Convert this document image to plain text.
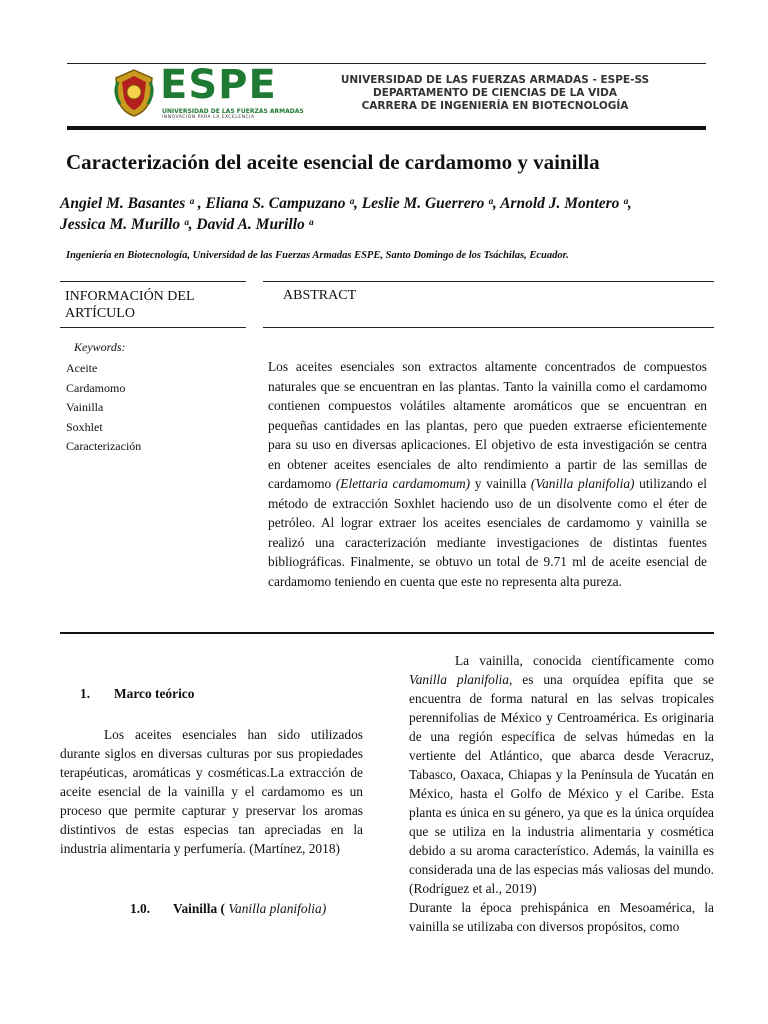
ESPE
UNIVERSIDAD DE LAS FUERZAS ARMADAS
INNOVACIÓN PARA LA EXCELENCIA
UNIVERSIDAD DE LAS FUERZAS ARMADAS - ESPE-SS
DEPARTAMENTO DE CIENCIAS DE LA VIDA
CARRERA DE INGENIERÍA EN BIOTECNOLOGÍA
Caracterización del aceite esencial de cardamomo y vainilla
Angiel M. Basantes ᵃ , Eliana S. Campuzano ᵃ, Leslie M. Guerrero ᵃ, Arnold J. Montero ᵃ,
Jessica M. Murillo ᵃ, David A. Murillo ᵃ
Ingeniería en Biotecnología, Universidad de las Fuerzas Armadas ESPE, Santo Domingo de los Tsáchilas, Ecuador.
INFORMACIÓN DEL ARTÍCULO
ABSTRACT
Keywords:
Aceite
Cardamomo
Vainilla
Soxhlet
Caracterización
Los aceites esenciales son extractos altamente concentrados de compuestos naturales que se encuentran en las plantas. Tanto la vainilla como el cardamomo contienen compuestos volátiles altamente aromáticos que se encuentran en pequeñas cantidades en las plantas, pero que pueden extraerse eficientemente para su uso en diversas aplicaciones. El objetivo de esta investigación se centra en obtener aceites esenciales de alto rendimiento a partir de las semillas de cardamomo (Elettaria cardamomum) y vainilla (Vanilla planifolia) utilizando el método de extracción Soxhlet haciendo uso de un disolvente como el éter de petróleo. Al lograr extraer los aceites esenciales de cardamomo y vainilla se realizó una caracterización mediante investigaciones de distintas fuentes bibliográficas. Finalmente, se obtuvo un total de 9.71 ml de aceite esencial de cardamomo teniendo en cuenta que este no representa alta pureza.
1. Marco teórico

Los aceites esenciales han sido utilizados durante siglos en diversas culturas por sus propiedades terapéuticas, aromáticas y cosméticas.La extracción de aceite esencial de la vainilla y el cardamomo es un proceso que permite capturar y preservar los aromas distintivos de estas especias tan apreciadas en la industria alimentaria y perfumería. (Martínez, 2018)

1.0. Vainilla ( Vanilla planifolia)

La vainilla, conocida científicamente como Vanilla planifolia, es una orquídea epífita que se encuentra de forma natural en las selvas tropicales perennifolias de México y Centroamérica. Es originaria de una región específica de selvas húmedas en la vertiente del Atlántico, que abarca desde Veracruz, Tabasco, Oaxaca, Chiapas y la Península de Yucatán en México, hasta el Golfo de México y el Caribe. Esta planta es única en su género, ya que es la única orquídea que se utiliza en la industria alimentaria y cosmética debido a su aroma característico. Además, la vainilla es considerada una de las especias más valiosas del mundo. (Rodríguez et al., 2019)

Durante la época prehispánica en Mesoamérica, la vainilla se utilizaba con diversos propósitos, como
